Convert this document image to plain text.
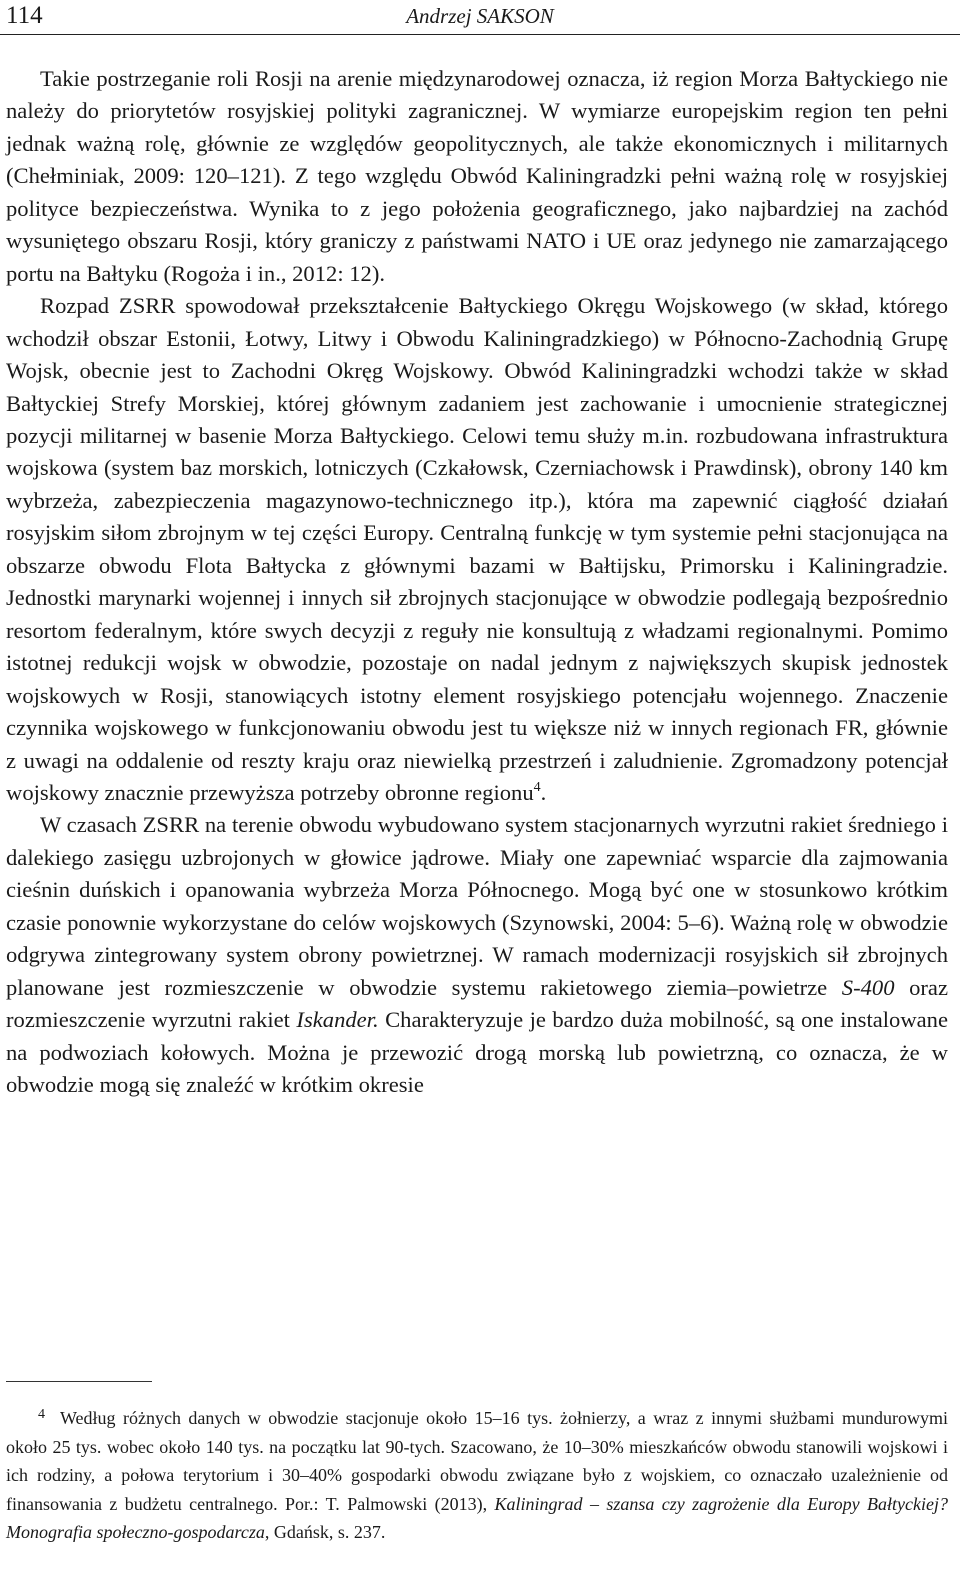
114	Andrzej SAKSON

Takie postrzeganie roli Rosji na arenie międzynarodowej oznacza, iż region Morza Bałtyckiego nie należy do priorytetów rosyjskiej polityki zagranicznej. W wymiarze europejskim region ten pełni jednak ważną rolę, głównie ze względów geopolitycznych, ale także ekonomicznych i militarnych (Chełminiak, 2009: 120–121). Z tego względu Obwód Kaliningradzki pełni ważną rolę w rosyjskiej polityce bezpieczeństwa. Wynika to z jego położenia geograficznego, jako najbardziej na zachód wysuniętego obszaru Rosji, który graniczy z państwami NATO i UE oraz jedynego nie zamarzającego portu na Bałtyku (Rogoża i in., 2012: 12).

Rozpad ZSRR spowodował przekształcenie Bałtyckiego Okręgu Wojskowego (w skład, którego wchodził obszar Estonii, Łotwy, Litwy i Obwodu Kaliningradzkiego) w Północno-Zachodnią Grupę Wojsk, obecnie jest to Zachodni Okręg Wojskowy. Obwód Kaliningradzki wchodzi także w skład Bałtyckiej Strefy Morskiej, której głównym zadaniem jest zachowanie i umocnienie strategicznej pozycji militarnej w basenie Morza Bałtyckiego. Celowi temu służy m.in. rozbudowana infrastruktura wojskowa (system baz morskich, lotniczych (Czkałowsk, Czerniachowsk i Prawdinsk), obrony 140 km wybrzeża, zabezpieczenia magazynowo-technicznego itp.), która ma zapewnić ciągłość działań rosyjskim siłom zbrojnym w tej części Europy. Centralną funkcję w tym systemie pełni stacjonująca na obszarze obwodu Flota Bałtycka z głównymi bazami w Bałtijsku, Primorsku i Kaliningradzie. Jednostki marynarki wojennej i innych sił zbrojnych stacjonujące w obwodzie podlegają bezpośrednio resortom federalnym, które swych decyzji z reguły nie konsultują z władzami regionalnymi. Pomimo istotnej redukcji wojsk w obwodzie, pozostaje on nadal jednym z największych skupisk jednostek wojskowych w Rosji, stanowiących istotny element rosyjskiego potencjału wojennego. Znaczenie czynnika wojskowego w funkcjonowaniu obwodu jest tu większe niż w innych regionach FR, głównie z uwagi na oddalenie od reszty kraju oraz niewielką przestrzeń i zaludnienie. Zgromadzony potencjał wojskowy znacznie przewyższa potrzeby obronne regionu$^4$.

W czasach ZSRR na terenie obwodu wybudowano system stacjonarnych wyrzutni rakiet średniego i dalekiego zasięgu uzbrojonych w głowice jądrowe. Miały one zapewniać wsparcie dla zajmowania cieśnin duńskich i opanowania wybrzeża Morza Północnego. Mogą być one w stosunkowo krótkim czasie ponownie wykorzystane do celów wojskowych (Szynowski, 2004: 5–6). Ważną rolę w obwodzie odgrywa zintegrowany system obrony powietrznej. W ramach modernizacji rosyjskich sił zbrojnych planowane jest rozmieszczenie w obwodzie systemu rakietowego ziemia–powietrze S-400 oraz rozmieszczenie wyrzutni rakiet Iskander. Charakteryzuje je bardzo duża mobilność, są one instalowane na podwoziach kołowych. Można je przewozić drogą morską lub powietrzną, co oznacza, że w obwodzie mogą się znaleźć w krótkim okresie

4 Według różnych danych w obwodzie stacjonuje około 15–16 tys. żołnierzy, a wraz z innymi służbami mundurowymi około 25 tys. wobec około 140 tys. na początku lat 90-tych. Szacowano, że 10–30% mieszkańców obwodu stanowili wojskowi i ich rodziny, a połowa terytorium i 30–40% gospodarki obwodu związane było z wojskiem, co oznaczało uzależnienie od finansowania z budżetu centralnego. Por.: T. Palmowski (2013), Kaliningrad – szansa czy zagrożenie dla Europy Bałtyckiej? Monografia społeczno-gospodarcza, Gdańsk, s. 237.
